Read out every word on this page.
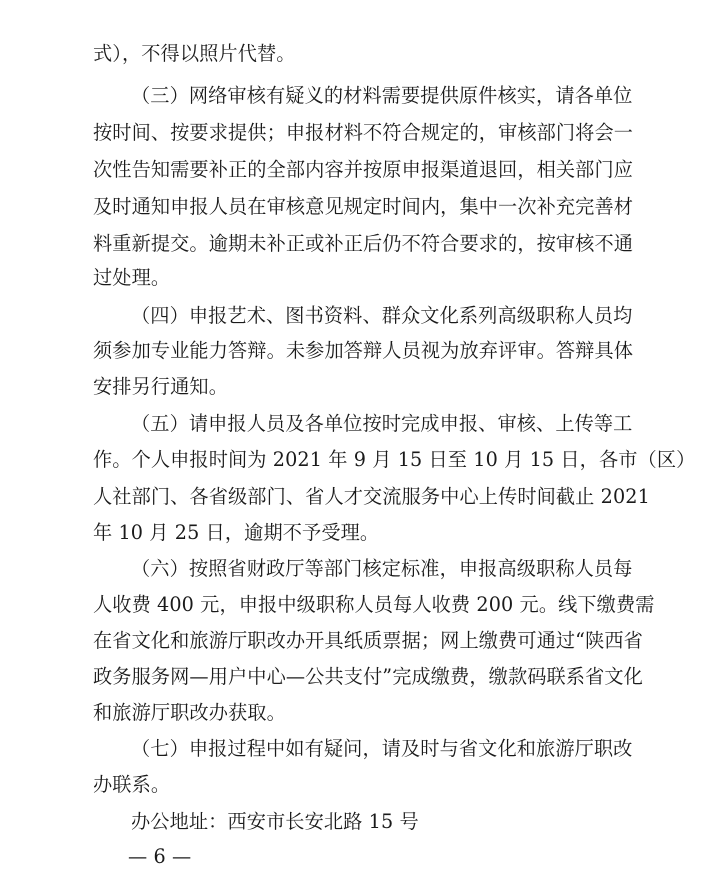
式），不得以照片代替。
（三）网络审核有疑义的材料需要提供原件核实，请各单位
按时间、按要求提供；申报材料不符合规定的，审核部门将会一
次性告知需要补正的全部内容并按原申报渠道退回，相关部门应
及时通知申报人员在审核意见规定时间内，集中一次补充完善材
料重新提交。逾期未补正或补正后仍不符合要求的，按审核不通
过处理。
（四）申报艺术、图书资料、群众文化系列高级职称人员均
须参加专业能力答辩。未参加答辩人员视为放弃评审。答辩具体
安排另行通知。
（五）请申报人员及各单位按时完成申报、审核、上传等工
作。个人申报时间为 2021 年 9 月 15 日至 10 月 15 日，各市（区）
人社部门、各省级部门、省人才交流服务中心上传时间截止 2021
年 10 月 25 日，逾期不予受理。
（六）按照省财政厅等部门核定标准，申报高级职称人员每
人收费 400 元，申报中级职称人员每人收费 200 元。线下缴费需
在省文化和旅游厅职改办开具纸质票据；网上缴费可通过“陕西省
政务服务网—用户中心—公共支付”完成缴费，缴款码联系省文化
和旅游厅职改办获取。
（七）申报过程中如有疑问，请及时与省文化和旅游厅职改
办联系。
办公地址：西安市长安北路 15 号
— 6 —
